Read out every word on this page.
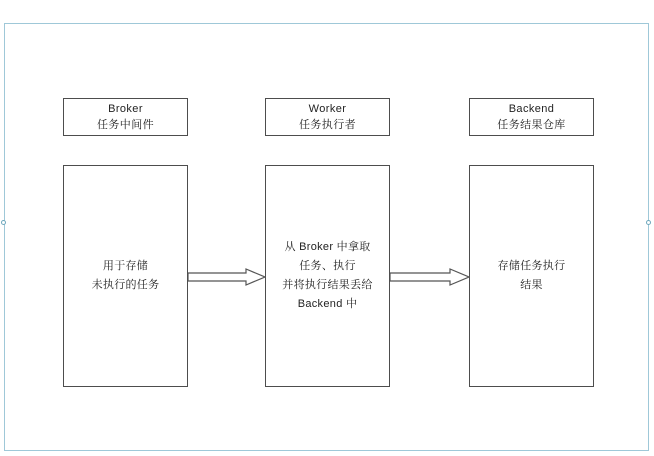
Broker
任务中间件
用于存储
未执行的任务
Worker
任务执行者
从 Broker 中拿取
任务、执行
并将执行结果丢给
Backend 中
Backend
任务结果仓库
存储任务执行
结果
